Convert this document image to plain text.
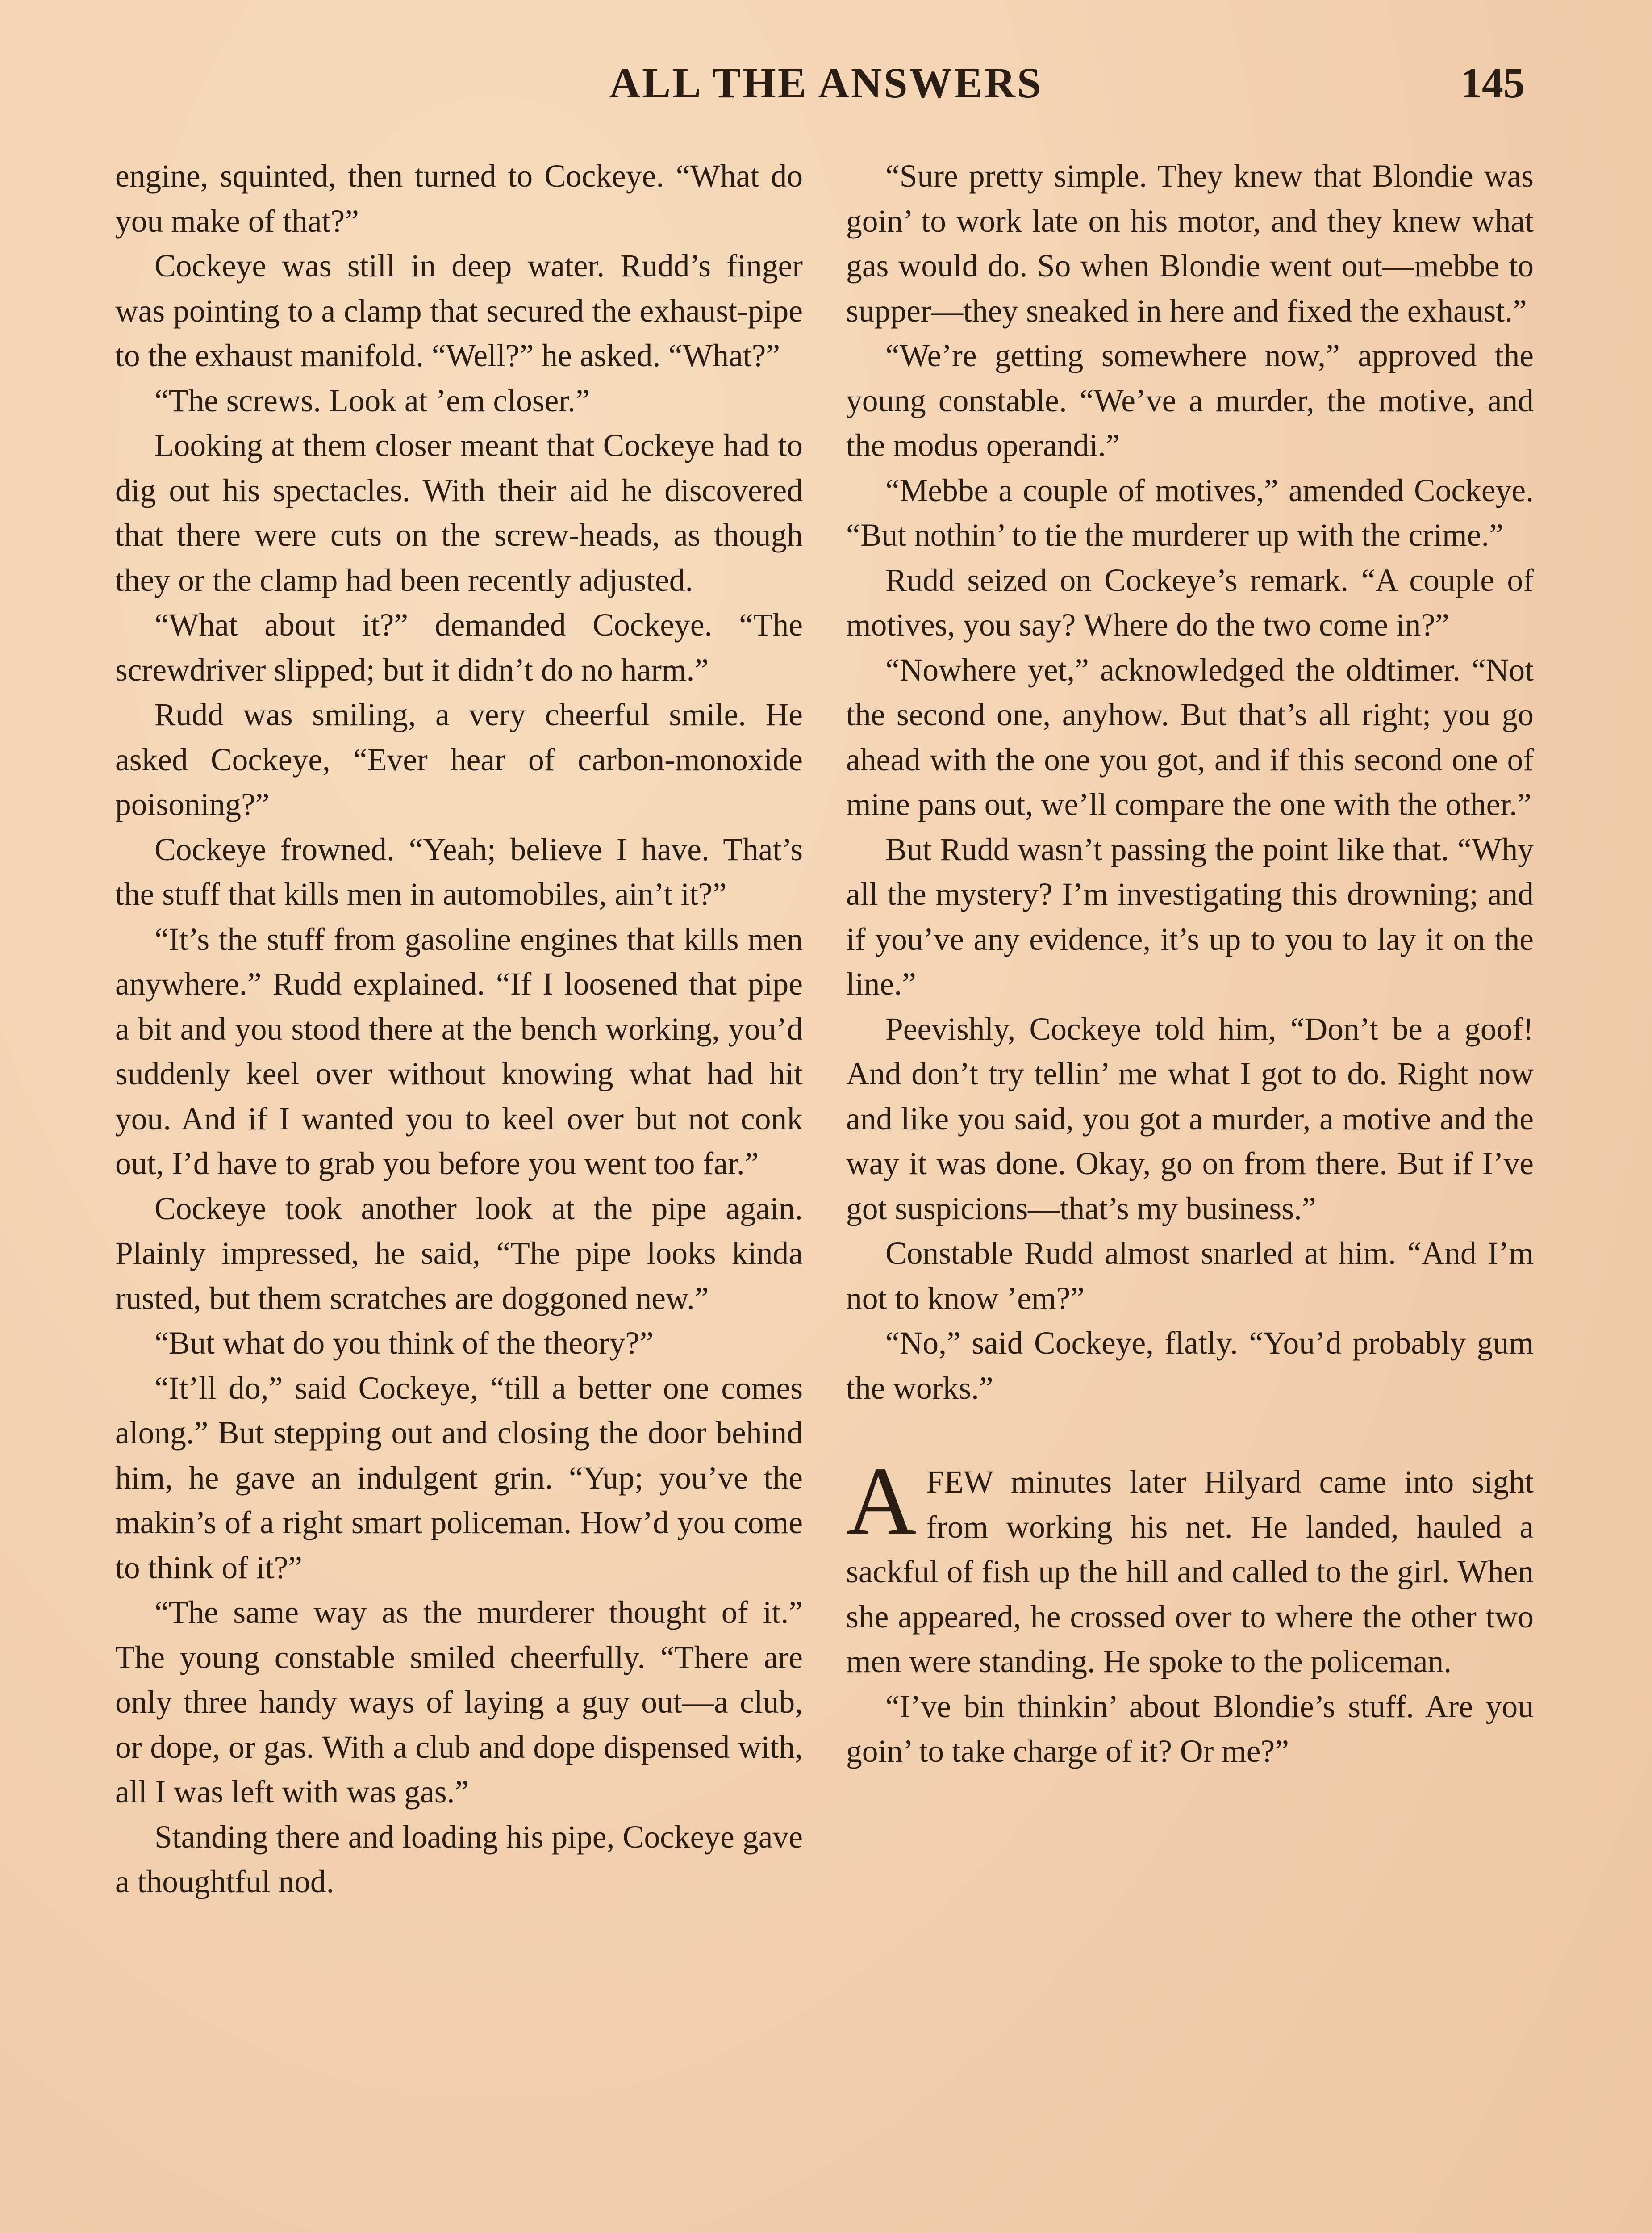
ALL THE ANSWERS	145

engine, squinted, then turned to Cockeye. “What do you make of that?”

Cockeye was still in deep water. Rudd’s finger was pointing to a clamp that secured the exhaust-pipe to the exhaust manifold. “Well?” he asked. “What?”

“The screws. Look at ’em closer.”

Looking at them closer meant that Cockeye had to dig out his spectacles. With their aid he discovered that there were cuts on the screw-heads, as though they or the clamp had been recently adjusted.

“What about it?” demanded Cockeye. “The screwdriver slipped; but it didn’t do no harm.”

Rudd was smiling, a very cheerful smile. He asked Cockeye, “Ever hear of carbon-monoxide poisoning?”

Cockeye frowned. “Yeah; believe I have. That’s the stuff that kills men in automobiles, ain’t it?”

“It’s the stuff from gasoline engines that kills men anywhere.” Rudd explained. “If I loosened that pipe a bit and you stood there at the bench working, you’d suddenly keel over without knowing what had hit you. And if I wanted you to keel over but not conk out, I’d have to grab you before you went too far.”

Cockeye took another look at the pipe again. Plainly impressed, he said, “The pipe looks kinda rusted, but them scratches are doggoned new.”

“But what do you think of the theory?”

“It’ll do,” said Cockeye, “till a better one comes along.” But stepping out and closing the door behind him, he gave an indulgent grin. “Yup; you’ve the makin’s of a right smart policeman. How’d you come to think of it?”

“The same way as the murderer thought of it.” The young constable smiled cheerfully. “There are only three handy ways of laying a guy out—a club, or dope, or gas. With a club and dope dispensed with, all I was left with was gas.”

Standing there and loading his pipe, Cockeye gave a thoughtful nod.

“Sure pretty simple. They knew that Blondie was goin’ to work late on his motor, and they knew what gas would do. So when Blondie went out—mebbe to supper—they sneaked in here and fixed the exhaust.”

“We’re getting somewhere now,” approved the young constable. “We’ve a murder, the motive, and the modus operandi.”

“Mebbe a couple of motives,” amended Cockeye. “But nothin’ to tie the murderer up with the crime.”

Rudd seized on Cockeye’s remark. “A couple of motives, you say? Where do the two come in?”

“Nowhere yet,” acknowledged the oldtimer. “Not the second one, anyhow. But that’s all right; you go ahead with the one you got, and if this second one of mine pans out, we’ll compare the one with the other.”

But Rudd wasn’t passing the point like that. “Why all the mystery? I’m investigating this drowning; and if you’ve any evidence, it’s up to you to lay it on the line.”

Peevishly, Cockeye told him, “Don’t be a goof! And don’t try tellin’ me what I got to do. Right now and like you said, you got a murder, a motive and the way it was done. Okay, go on from there. But if I’ve got suspicions—that’s my business.”

Constable Rudd almost snarled at him. “And I’m not to know ’em?”

“No,” said Cockeye, flatly. “You’d probably gum the works.”

AFEW minutes later Hilyard came into sight from working his net. He landed, hauled a sackful of fish up the hill and called to the girl. When she appeared, he crossed over to where the other two men were standing. He spoke to the policeman.

“I’ve bin thinkin’ about Blondie’s stuff. Are you goin’ to take charge of it? Or me?”
